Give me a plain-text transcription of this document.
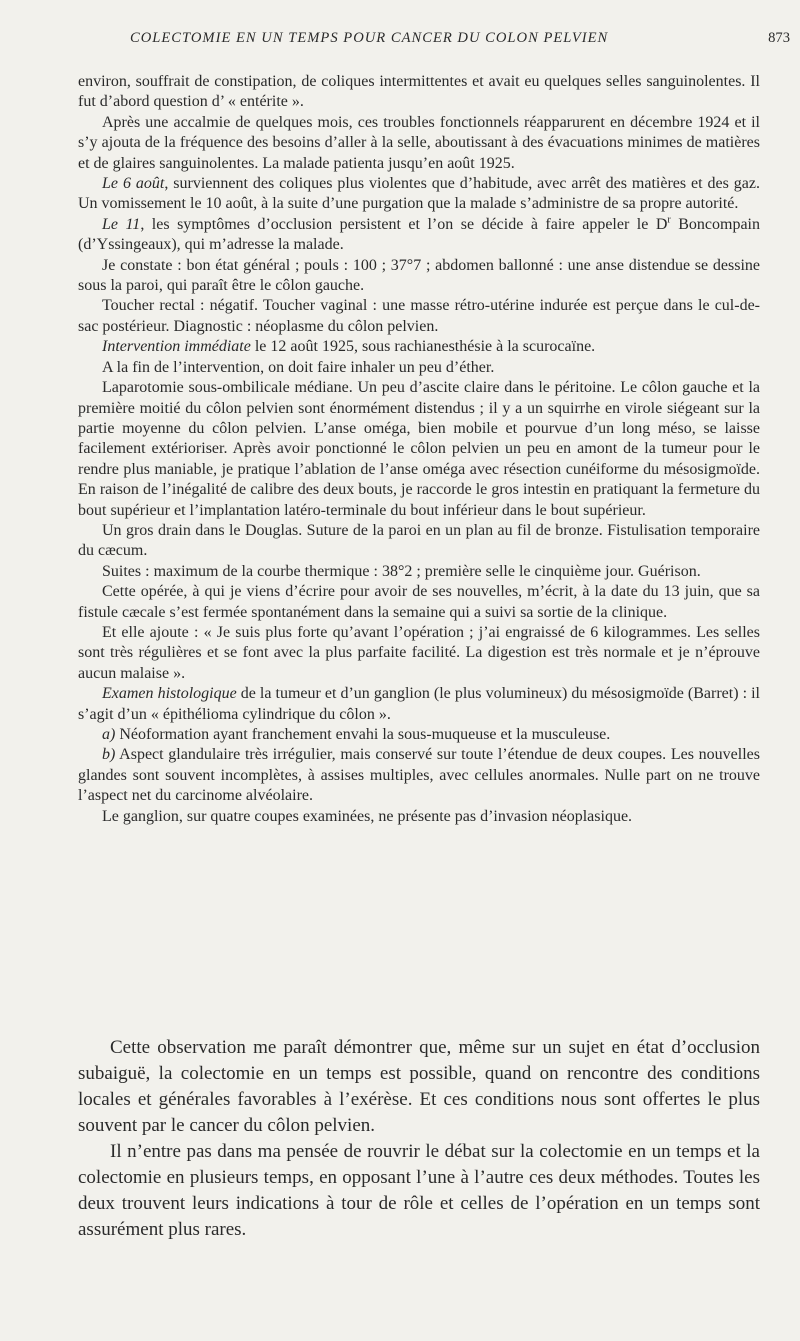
COLECTOMIE EN UN TEMPS POUR CANCER DU COLON PELVIEN	873

environ, souffrait de constipation, de coliques intermittentes et avait eu quelques selles sanguinolentes. Il fut d’abord question d’ « entérite ».

Après une accalmie de quelques mois, ces troubles fonctionnels réapparurent en décembre 1924 et il s’y ajouta de la fréquence des besoins d’aller à la selle, aboutissant à des évacuations minimes de matières et de glaires sanguinolentes. La malade patienta jusqu’en août 1925.

Le 6 août, surviennent des coliques plus violentes que d’habitude, avec arrêt des matières et des gaz. Un vomissement le 10 août, à la suite d’une purgation que la malade s’administre de sa propre autorité.

Le 11, les symptômes d’occlusion persistent et l’on se décide à faire appeler le $D^r$ Boncompain (d’Yssingeaux), qui m’adresse la malade.

Je constate : bon état général ; pouls : 100 ; 37°7 ; abdomen ballonné : une anse distendue se dessine sous la paroi, qui paraît être le côlon gauche.

Toucher rectal : négatif. Toucher vaginal : une masse rétro-utérine indurée est perçue dans le cul-de-sac postérieur. Diagnostic : néoplasme du côlon pelvien.

Intervention immédiate le 12 août 1925, sous rachianesthésie à la scurocaïne.

A la fin de l’intervention, on doit faire inhaler un peu d’éther.

Laparotomie sous-ombilicale médiane. Un peu d’ascite claire dans le péritoine. Le côlon gauche et la première moitié du côlon pelvien sont énormément distendus ; il y a un squirrhe en virole siégeant sur la partie moyenne du côlon pelvien. L’anse oméga, bien mobile et pourvue d’un long méso, se laisse facilement extérioriser. Après avoir ponctionné le côlon pelvien un peu en amont de la tumeur pour le rendre plus maniable, je pratique l’ablation de l’anse oméga avec résection cunéiforme du mésosigmoïde. En raison de l’inégalité de calibre des deux bouts, je raccorde le gros intestin en pratiquant la fermeture du bout supérieur et l’implantation latéro-terminale du bout inférieur dans le bout supérieur.

Un gros drain dans le Douglas. Suture de la paroi en un plan au fil de bronze. Fistulisation temporaire du cæcum.

Suites : maximum de la courbe thermique : 38°2 ; première selle le cinquième jour. Guérison.

Cette opérée, à qui je viens d’écrire pour avoir de ses nouvelles, m’écrit, à la date du 13 juin, que sa fistule cæcale s’est fermée spontanément dans la semaine qui a suivi sa sortie de la clinique.

Et elle ajoute : « Je suis plus forte qu’avant l’opération ; j’ai engraissé de 6 kilogrammes. Les selles sont très régulières et se font avec la plus parfaite facilité. La digestion est très normale et je n’éprouve aucun malaise ».

Examen histologique de la tumeur et d’un ganglion (le plus volumineux) du mésosigmoïde (Barret) : il s’agit d’un « épithélioma cylindrique du côlon ».

a) Néoformation ayant franchement envahi la sous-muqueuse et la musculeuse.

b) Aspect glandulaire très irrégulier, mais conservé sur toute l’étendue de deux coupes. Les nouvelles glandes sont souvent incomplètes, à assises multiples, avec cellules anormales. Nulle part on ne trouve l’aspect net du carcinome alvéolaire.

Le ganglion, sur quatre coupes examinées, ne présente pas d’invasion néoplasique.

Cette observation me paraît démontrer que, même sur un sujet en état d’occlusion subaiguë, la colectomie en un temps est possible, quand on rencontre des conditions locales et générales favorables à l’exérèse. Et ces conditions nous sont offertes le plus souvent par le cancer du côlon pelvien.

Il n’entre pas dans ma pensée de rouvrir le débat sur la colectomie en un temps et la colectomie en plusieurs temps, en opposant l’une à l’autre ces deux méthodes. Toutes les deux trouvent leurs indications à tour de rôle et celles de l’opération en un temps sont assurément plus rares.
